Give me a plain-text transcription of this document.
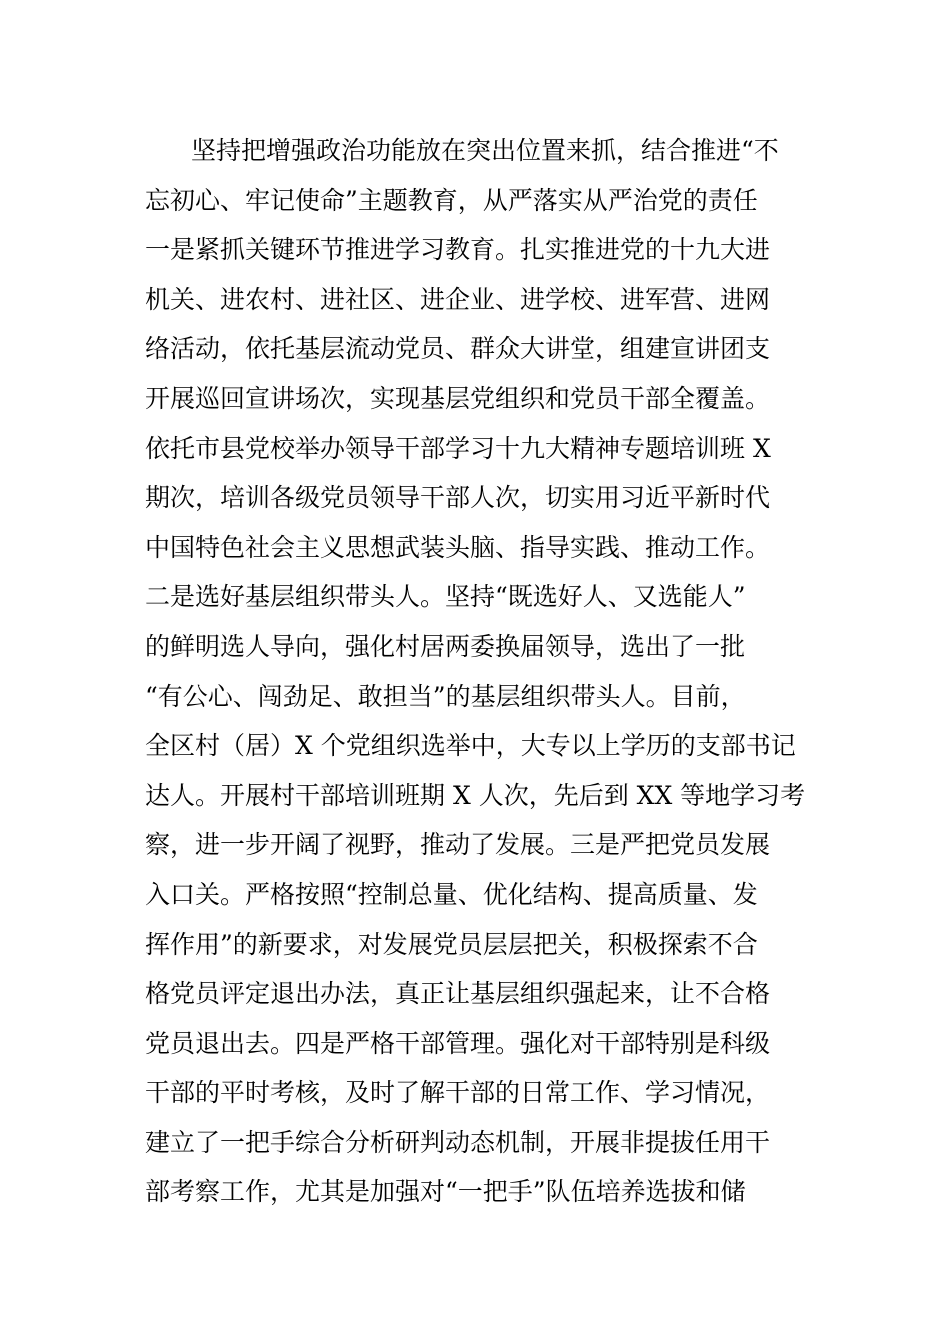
坚持把增强政治功能放在突出位置来抓，结合推进“不
忘初心、牢记使命”主题教育，从严落实从严治党的责任
一是紧抓关键环节推进学习教育。扎实推进党的十九大进
机关、进农村、进社区、进企业、进学校、进军营、进网
络活动，依托基层流动党员、群众大讲堂，组建宣讲团支
开展巡回宣讲场次，实现基层党组织和党员干部全覆盖。
依托市县党校举办领导干部学习十九大精神专题培训班 X
期次，培训各级党员领导干部人次，切实用习近平新时代
中国特色社会主义思想武装头脑、指导实践、推动工作。
二是选好基层组织带头人。坚持“既选好人、又选能人”
的鲜明选人导向，强化村居两委换届领导，选出了一批
“有公心、闯劲足、敢担当”的基层组织带头人。目前，
全区村（居）X 个党组织选举中，大专以上学历的支部书记
达人。开展村干部培训班期 X 人次，先后到 XX 等地学习考
察，进一步开阔了视野，推动了发展。三是严把党员发展
入口关。严格按照“控制总量、优化结构、提高质量、发
挥作用”的新要求，对发展党员层层把关，积极探索不合
格党员评定退出办法，真正让基层组织强起来，让不合格
党员退出去。四是严格干部管理。强化对干部特别是科级
干部的平时考核，及时了解干部的日常工作、学习情况，
建立了一把手综合分析研判动态机制，开展非提拔任用干
部考察工作，尤其是加强对“一把手”队伍培养选拔和储
